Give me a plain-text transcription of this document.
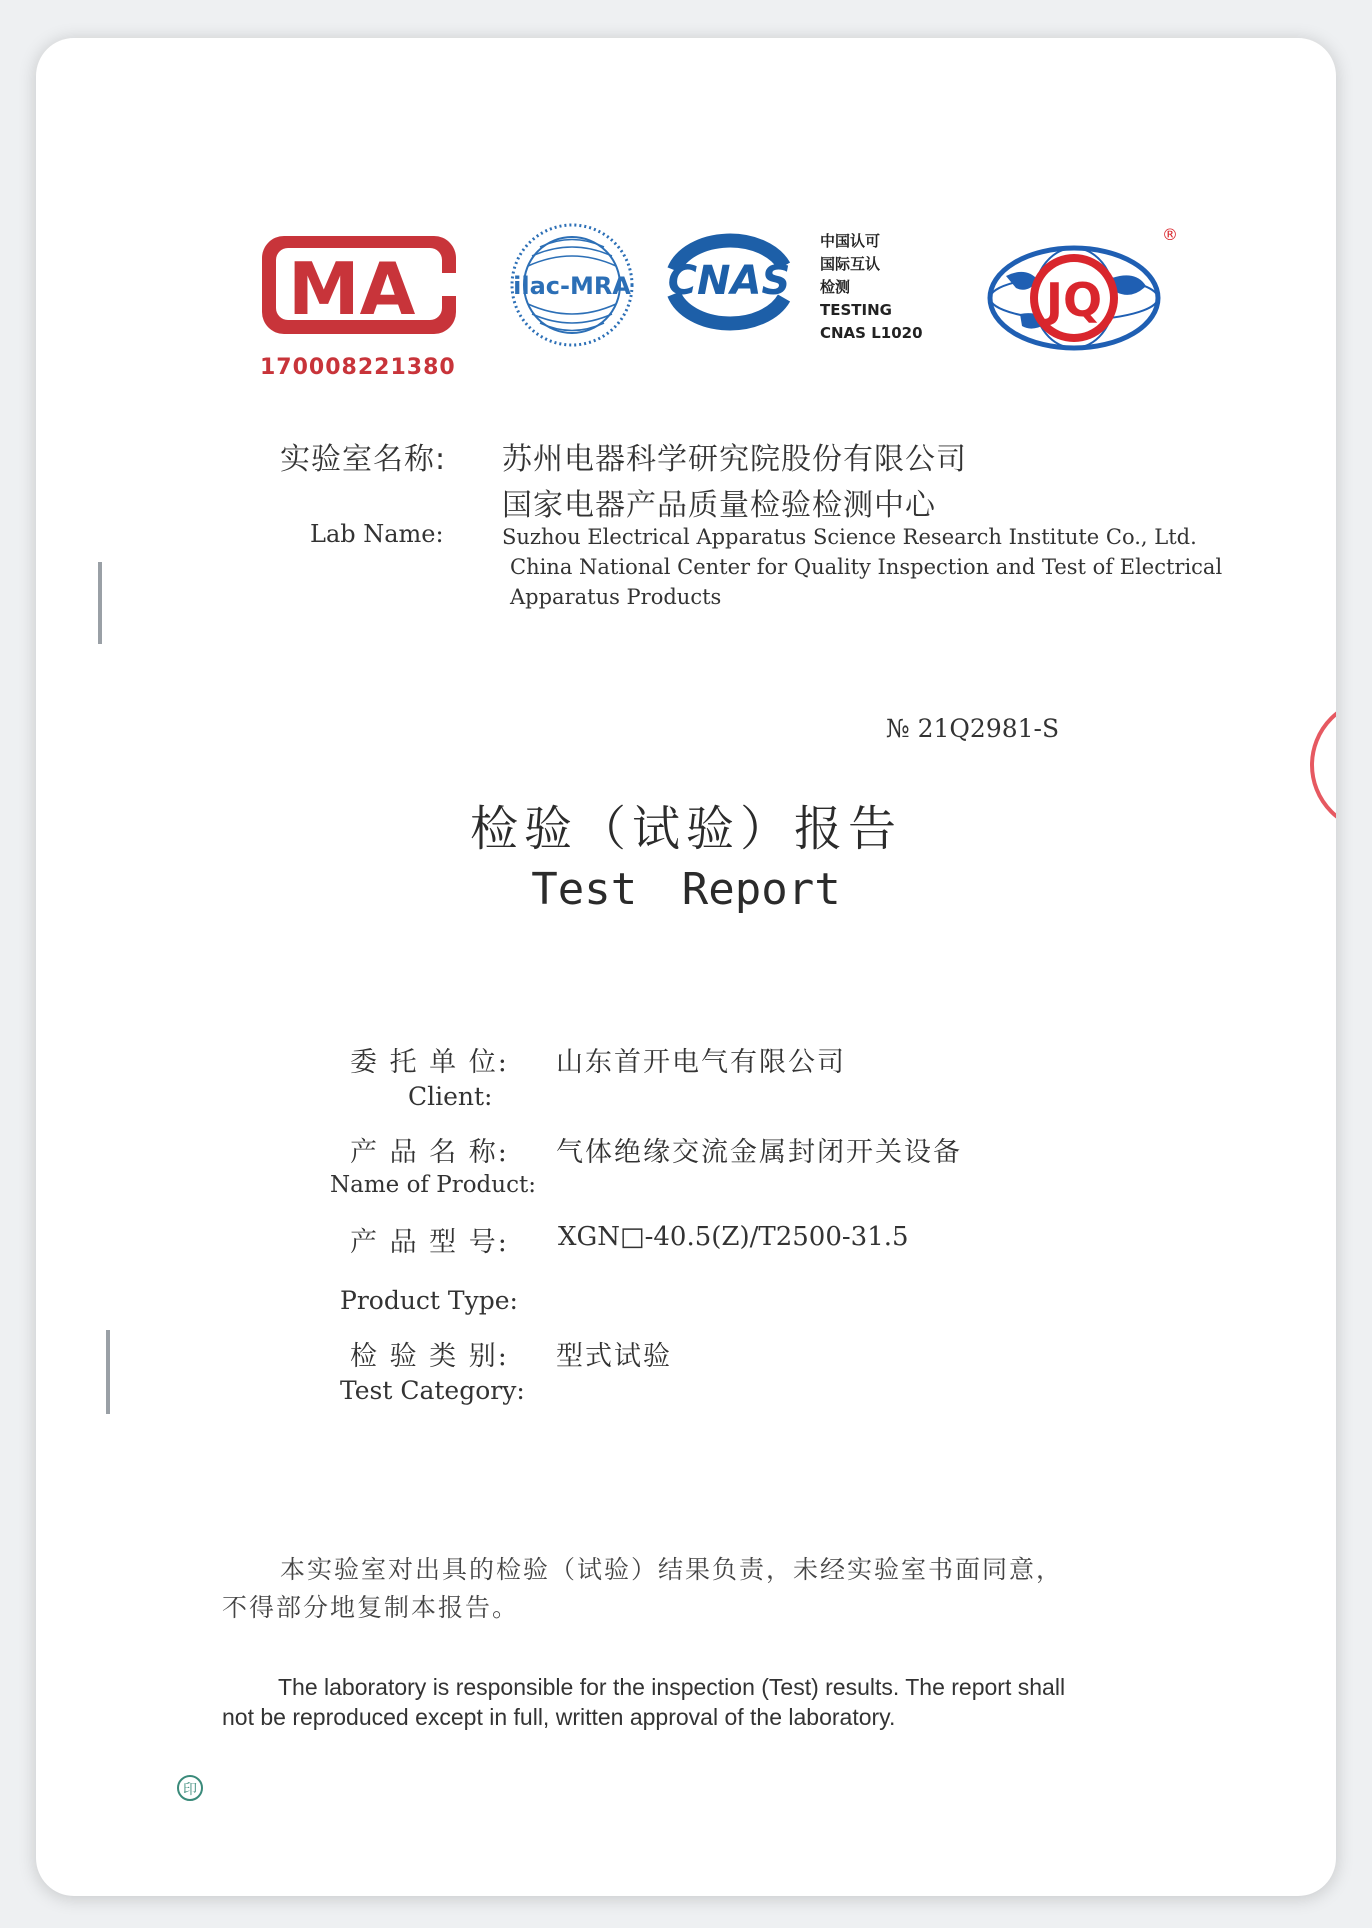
MA
170008221380
ilac-MRA CNAS
中国认可
国际互认
检测
TESTING
CNAS L1020
JQ
®
实验室名称: 苏州电器科学研究院股份有限公司
国家电器产品质量检验检测中心
Lab Name:	Suzhou Electrical Apparatus Science Research Institute Co., Ltd.
China National Center for Quality Inspection and Test of Electrical
Apparatus Products
№ 21Q2981-S
检验（试验）报告
Test Report
委 托 单 位: 山东首开电气有限公司
Client:
产 品 名 称: 气体绝缘交流金属封闭开关设备
Name of Product:
产 品 型 号: XGN□-40.5(Z)/T2500-31.5
Product Type:
检 验 类 别: 型式试验
Test Category:
本实验室对出具的检验（试验）结果负责，未经实验室书面同意，
不得部分地复制本报告。
The laboratory is responsible for the inspection (Test) results. The report shall
not be reproduced except in full, written approval of the laboratory.
印
